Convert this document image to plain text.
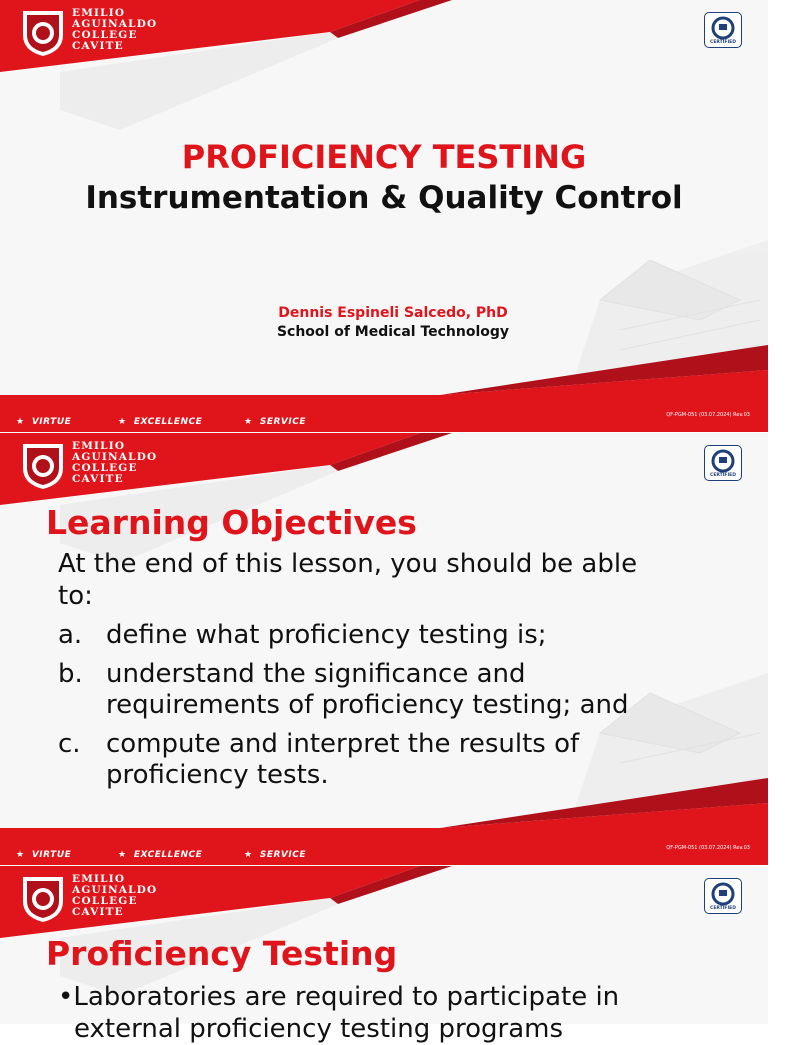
EMILIO
AGUINALDO
COLLEGE
CAVITE	CERTIFIED
PROFICIENCY TESTING
Instrumentation & Quality Control
Dennis Espineli Salcedo, PhD
School of Medical Technology
★  VIRTUE	★  EXCELLENCE	★  SERVICE
QF-PGM-051 (03.07.2024) Rev.03
EMILIO
AGUINALDO
COLLEGE
CAVITE	CERTIFIED
Learning Objectives
At the end of this lesson, you should be able
to:
a. define what proficiency testing is;
b. understand the significance and
requirements of proficiency testing; and
c. compute and interpret the results of
proficiency tests.
★  VIRTUE	★  EXCELLENCE	★  SERVICE
QF-PGM-051 (03.07.2024) Rev.03
EMILIO
AGUINALDO
COLLEGE
CAVITE	CERTIFIED
Proficiency Testing
•Laboratories are required to participate in
external proficiency testing programs
